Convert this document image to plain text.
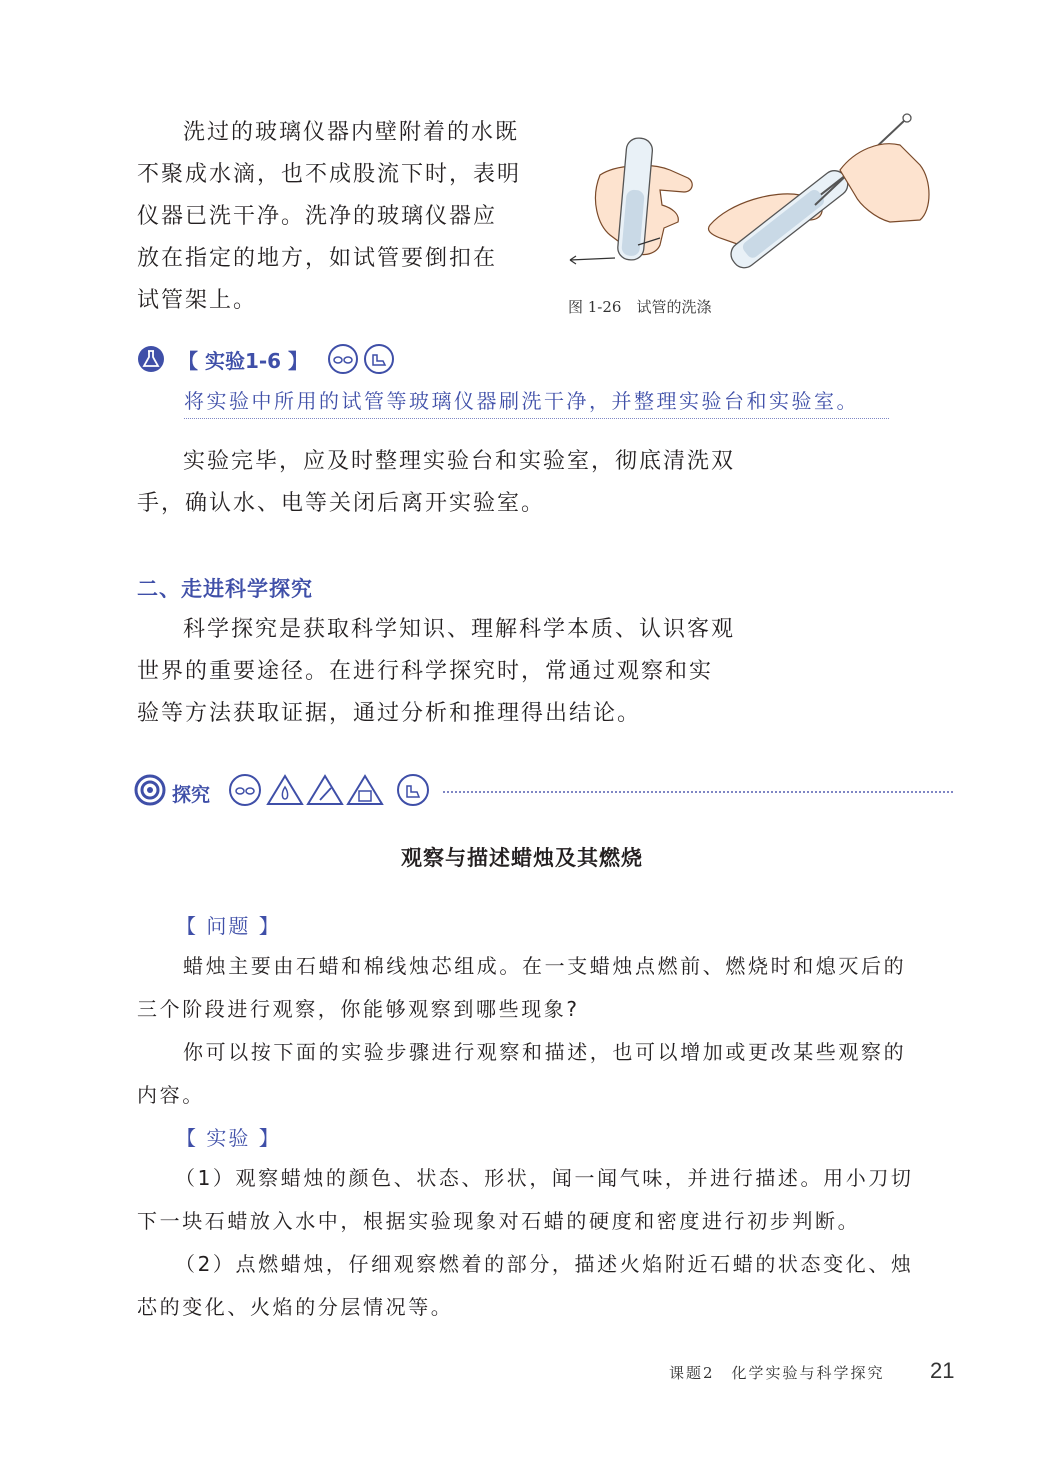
洗过的玻璃仪器内壁附着的水既

不聚成水滴，也不成股流下时，表明

仪器已洗干净。洗净的玻璃仪器应

放在指定的地方，如试管要倒扣在

试管架上。	图 1-26　试管的洗涤
【 实验1-6 】
将实验中所用的试管等玻璃仪器刷洗干净，并整理实验台和实验室。

实验完毕，应及时整理实验台和实验室，彻底清洗双

手，确认水、电等关闭后离开实验室。

二、走进科学探究

科学探究是获取科学知识、理解科学本质、认识客观

世界的重要途径。在进行科学探究时，常通过观察和实

验等方法获取证据，通过分析和推理得出结论。

探究
观察与描述蜡烛及其燃烧
【 问题 】

蜡烛主要由石蜡和棉线烛芯组成。在一支蜡烛点燃前、燃烧时和熄灭后的

三个阶段进行观察，你能够观察到哪些现象?

你可以按下面的实验步骤进行观察和描述，也可以增加或更改某些观察的

内容。

【 实验 】

（1）观察蜡烛的颜色、状态、形状，闻一闻气味，并进行描述。用小刀切

下一块石蜡放入水中，根据实验现象对石蜡的硬度和密度进行初步判断。

（2）点燃蜡烛，仔细观察燃着的部分，描述火焰附近石蜡的状态变化、烛

芯的变化、火焰的分层情况等。

课题2　化学实验与科学探究 21
